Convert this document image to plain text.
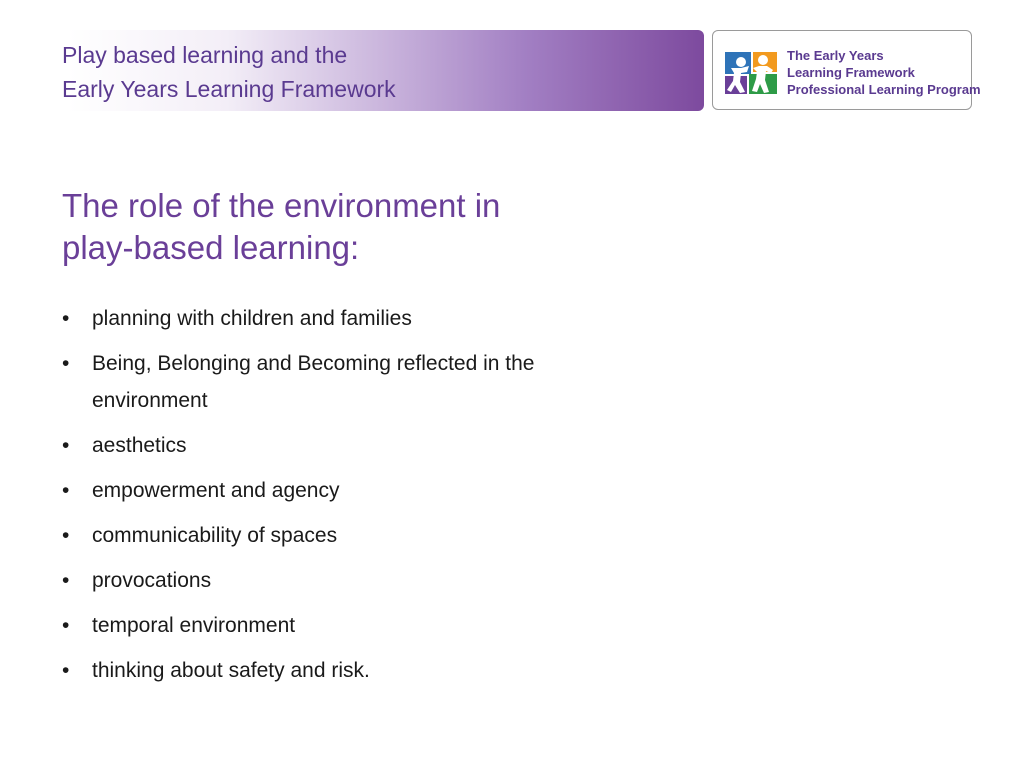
Play based learning and the
Early Years Learning Framework
The Early Years
Learning Framework
Professional Learning Program
The role of the environment in
play-based learning:
•	planning with children and families
•	Being, Belonging and Becoming reflected in the
environment
•	aesthetics
•	empowerment and agency
•	communicability of spaces
•	provocations
•	temporal environment
•	thinking about safety and risk.
